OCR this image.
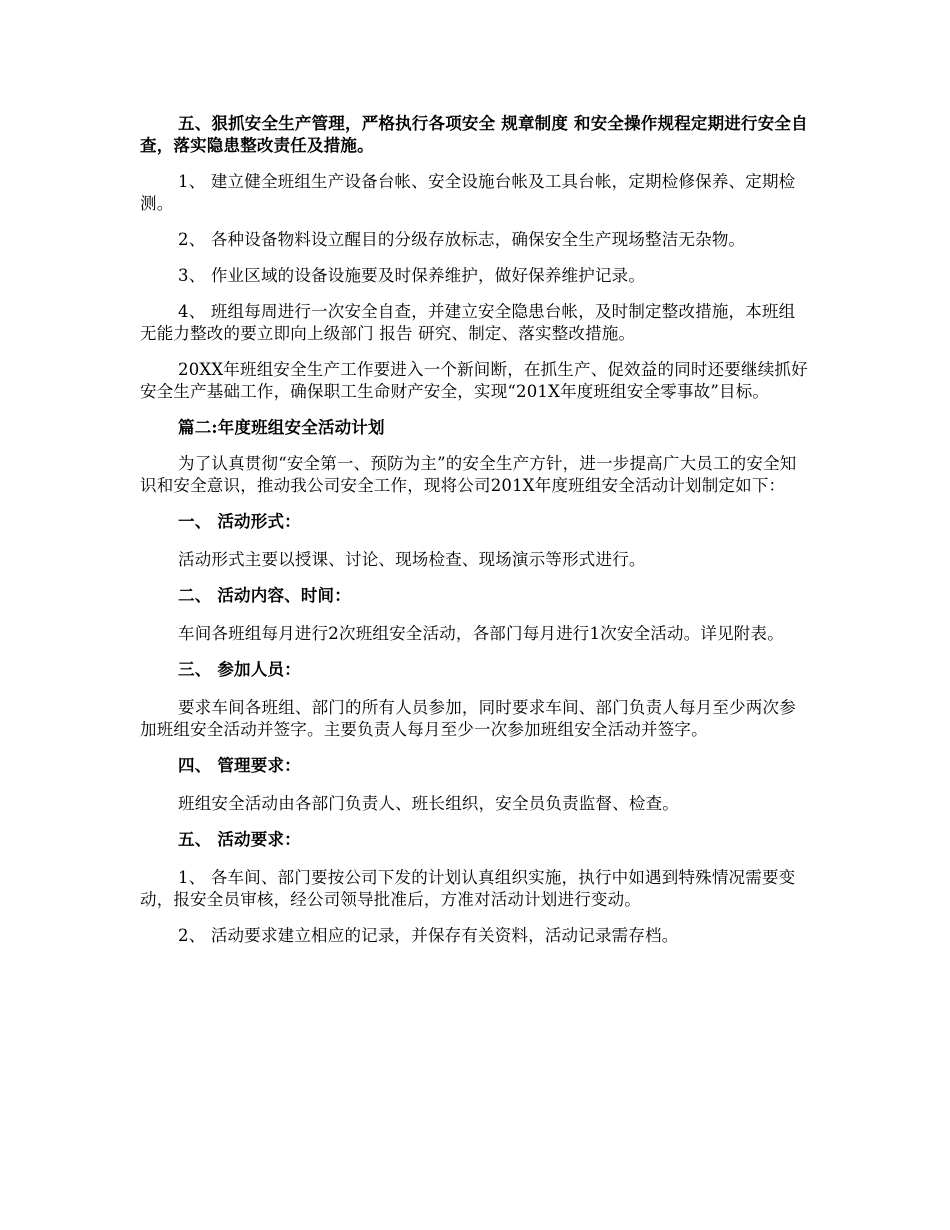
五、狠抓安全生产管理，严格执行各项安全 规章制度 和安全操作规程定期进行安全自查，落实隐患整改责任及措施。

1、 建立健全班组生产设备台帐、安全设施台帐及工具台帐，定期检修保养、定期检测。

2、 各种设备物料设立醒目的分级存放标志，确保安全生产现场整洁无杂物。

3、 作业区域的设备设施要及时保养维护，做好保养维护记录。

4、 班组每周进行一次安全自查，并建立安全隐患台帐，及时制定整改措施，本班组无能力整改的要立即向上级部门 报告 研究、制定、落实整改措施。

20XX年班组安全生产工作要进入一个新间断，在抓生产、促效益的同时还要继续抓好安全生产基础工作，确保职工生命财产安全，实现“201X年度班组安全零事故”目标。

篇二:年度班组安全活动计划

为了认真贯彻“安全第一、预防为主”的安全生产方针，进一步提高广大员工的安全知识和安全意识，推动我公司安全工作，现将公司201X年度班组安全活动计划制定如下：

一、 活动形式：

活动形式主要以授课、讨论、现场检查、现场演示等形式进行。

二、 活动内容、时间：

车间各班组每月进行2次班组安全活动，各部门每月进行1次安全活动。详见附表。

三、 参加人员：

要求车间各班组、部门的所有人员参加，同时要求车间、部门负责人每月至少两次参加班组安全活动并签字。主要负责人每月至少一次参加班组安全活动并签字。

四、 管理要求：

班组安全活动由各部门负责人、班长组织，安全员负责监督、检查。

五、 活动要求：

1、 各车间、部门要按公司下发的计划认真组织实施，执行中如遇到特殊情况需要变动，报安全员审核，经公司领导批准后，方准对活动计划进行变动。

2、 活动要求建立相应的记录，并保存有关资料，活动记录需存档。
